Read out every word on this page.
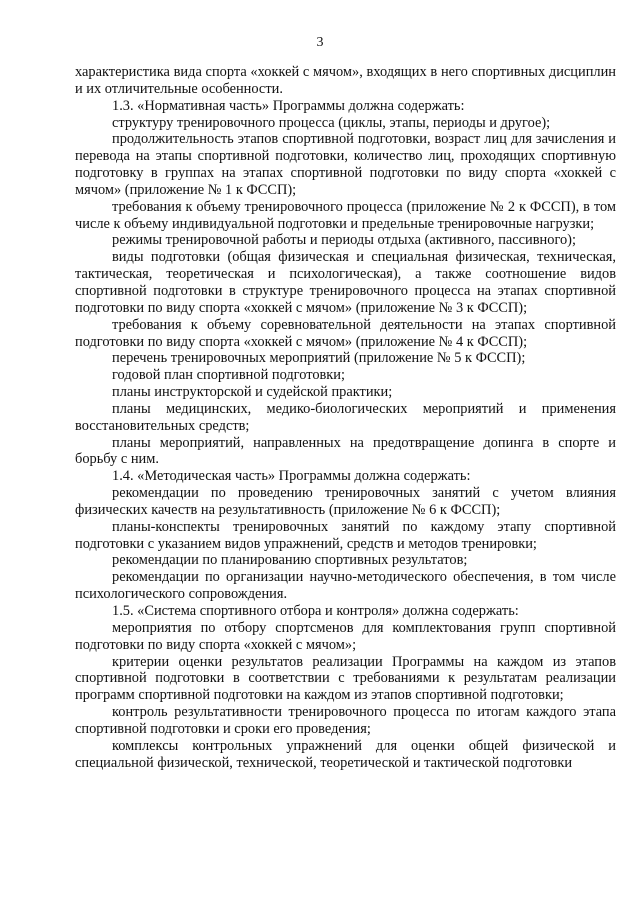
3

характеристика вида спорта «хоккей с мячом», входящих в него спортивных дисциплин и их отличительные особенности.

1.3. «Нормативная часть» Программы должна содержать:

структуру тренировочного процесса (циклы, этапы, периоды и другое);

продолжительность этапов спортивной подготовки, возраст лиц для зачисления и перевода на этапы спортивной подготовки, количество лиц, проходящих спортивную подготовку в группах на этапах спортивной подготовки по виду спорта «хоккей с мячом» (приложение № 1 к ФССП);

требования к объему тренировочного процесса (приложение № 2 к ФССП), в том числе к объему индивидуальной подготовки и предельные тренировочные нагрузки;

режимы тренировочной работы и периоды отдыха (активного, пассивного);

виды подготовки (общая физическая и специальная физическая, техническая, тактическая, теоретическая и психологическая), а также соотношение видов спортивной подготовки в структуре тренировочного процесса на этапах спортивной подготовки по виду спорта «хоккей с мячом» (приложение № 3 к ФССП);

требования к объему соревновательной деятельности на этапах спортивной подготовки по виду спорта «хоккей с мячом» (приложение № 4 к ФССП);

перечень тренировочных мероприятий (приложение № 5 к ФССП);

годовой план спортивной подготовки;

планы инструкторской и судейской практики;

планы медицинских, медико-биологических мероприятий и применения восстановительных средств;

планы мероприятий, направленных на предотвращение допинга в спорте и борьбу с ним.

1.4. «Методическая часть» Программы должна содержать:

рекомендации по проведению тренировочных занятий с учетом влияния физических качеств на результативность (приложение № 6 к ФССП);

планы-конспекты тренировочных занятий по каждому этапу спортивной подготовки с указанием видов упражнений, средств и методов тренировки;

рекомендации по планированию спортивных результатов;

рекомендации по организации научно-методического обеспечения, в том числе психологического сопровождения.

1.5. «Система спортивного отбора и контроля» должна содержать:

мероприятия по отбору спортсменов для комплектования групп спортивной подготовки по виду спорта «хоккей с мячом»;

критерии оценки результатов реализации Программы на каждом из этапов спортивной подготовки в соответствии с требованиями к результатам реализации программ спортивной подготовки на каждом из этапов спортивной подготовки;

контроль результативности тренировочного процесса по итогам каждого этапа спортивной подготовки и сроки его проведения;

комплексы контрольных упражнений для оценки общей физической и специальной физической, технической, теоретической и тактической подготовки
